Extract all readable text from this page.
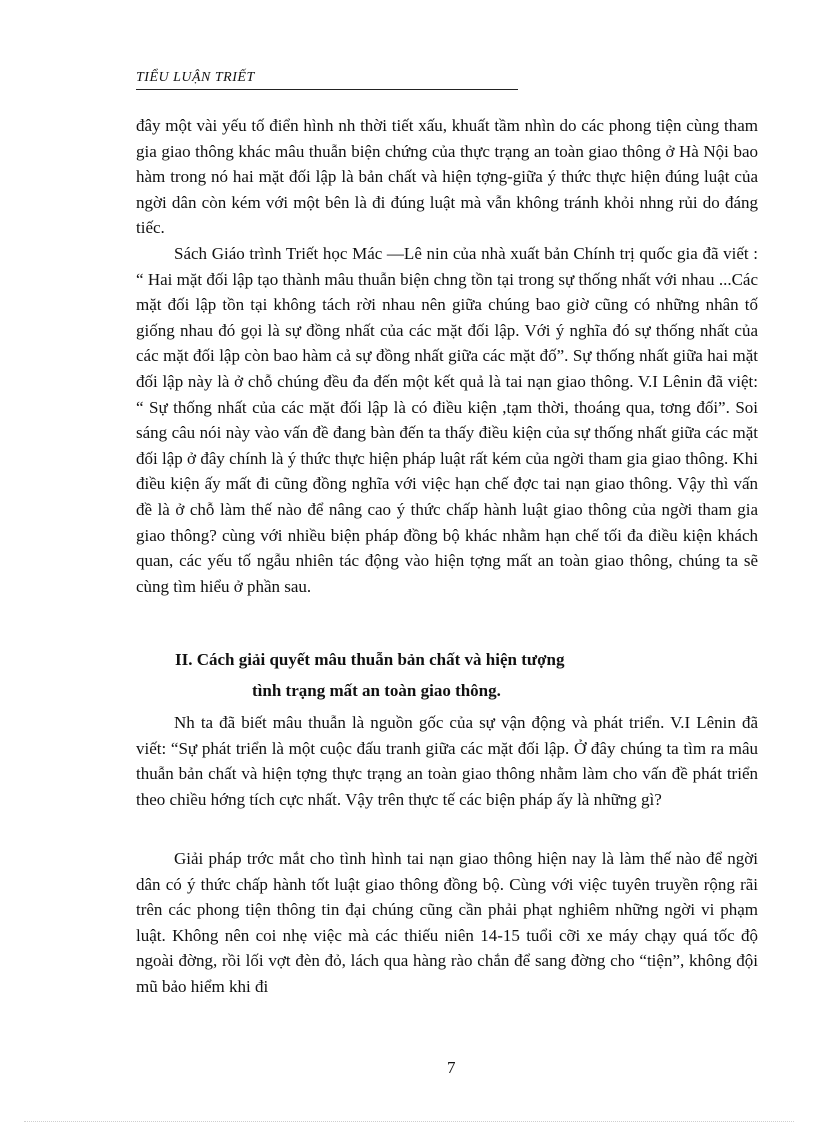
TIỂU LUẬN TRIẾT

đây một vài yếu tố điển hình nh thời tiết xấu, khuất tầm nhìn do các phong tiện cùng tham gia giao thông khác mâu thuẫn biện chứng của thực trạng an toàn giao thông ở Hà Nội bao hàm trong nó hai mặt đối lập là bản chất và hiện tợng-giữa ý thức thực hiện đúng luật của ngời dân còn kém với một bên là đi đúng luật mà vẫn không tránh khỏi nhng rủi do đáng tiếc.

Sách Giáo trình Triết học Mác —Lê nin của nhà xuất bản Chính trị quốc gia đã viết : “ Hai mặt đối lập tạo thành mâu thuẫn biện chng tồn tại trong sự thống nhất với nhau ...Các mặt đối lập tồn tại không tách rời nhau nên giữa chúng bao giờ cũng có những nhân tố giống nhau đó gọi là sự đồng nhất của các mặt đối lập. Với ý nghĩa đó sự thống nhất của các mặt đối lập còn bao hàm cả sự đồng nhất giữa các mặt đố”. Sự thống nhất giữa hai mặt đối lập này là ở chỗ chúng đều đa đến một kết quả là tai nạn giao thông. V.I Lênin đã việt: “ Sự thống nhất của các mặt đối lập là có điều kiện ,tạm thời, thoáng qua, tơng đối”. Soi sáng câu nói này vào vấn đề đang bàn đến ta thấy điều kiện của sự thống nhất giữa các mặt đối lập ở đây chính là ý thức thực hiện pháp luật rất kém của ngời tham gia giao thông. Khi điều kiện ấy mất đi cũng đồng nghĩa với việc hạn chế đợc tai nạn giao thông. Vậy thì vấn đề là ở chỗ làm thế nào để nâng cao ý thức chấp hành luật giao thông của ngời tham gia giao thông? cùng với nhiều biện pháp đồng bộ khác nhằm hạn chế tối đa điều kiện khách quan, các yếu tố ngẫu nhiên tác động vào hiện tợng mất an toàn giao thông, chúng ta sẽ cùng tìm hiểu ở phần sau.

II. Cách giải quyết mâu thuẫn bản chất và hiện tượng
tình trạng mất an toàn giao thông.

Nh ta đã biết mâu thuẫn là nguồn gốc của sự vận động và phát triển. V.I Lênin đã viết: “Sự phát triển là một cuộc đấu tranh giữa các mặt đối lập. Ở đây chúng ta tìm ra mâu thuẫn bản chất và hiện tợng thực trạng an toàn giao thông nhằm làm cho vấn đề phát triển theo chiều hớng tích cực nhất. Vậy trên thực tế các biện pháp ấy là những gì?

Giải pháp trớc mắt cho tình hình tai nạn giao thông hiện nay là làm thế nào để ngời dân có ý thức chấp hành tốt luật giao thông đồng bộ. Cùng với việc tuyên truyền rộng rãi trên các phong tiện thông tin đại chúng cũng cần phải phạt nghiêm những ngời vi phạm luật. Không nên coi nhẹ việc mà các thiếu niên 14-15 tuổi cỡi xe máy chạy quá tốc độ ngoài đờng, rồi lối vợt đèn đỏ, lách qua hàng rào chắn để sang đờng cho “tiện”, không đội mũ bảo hiểm khi đi

7
